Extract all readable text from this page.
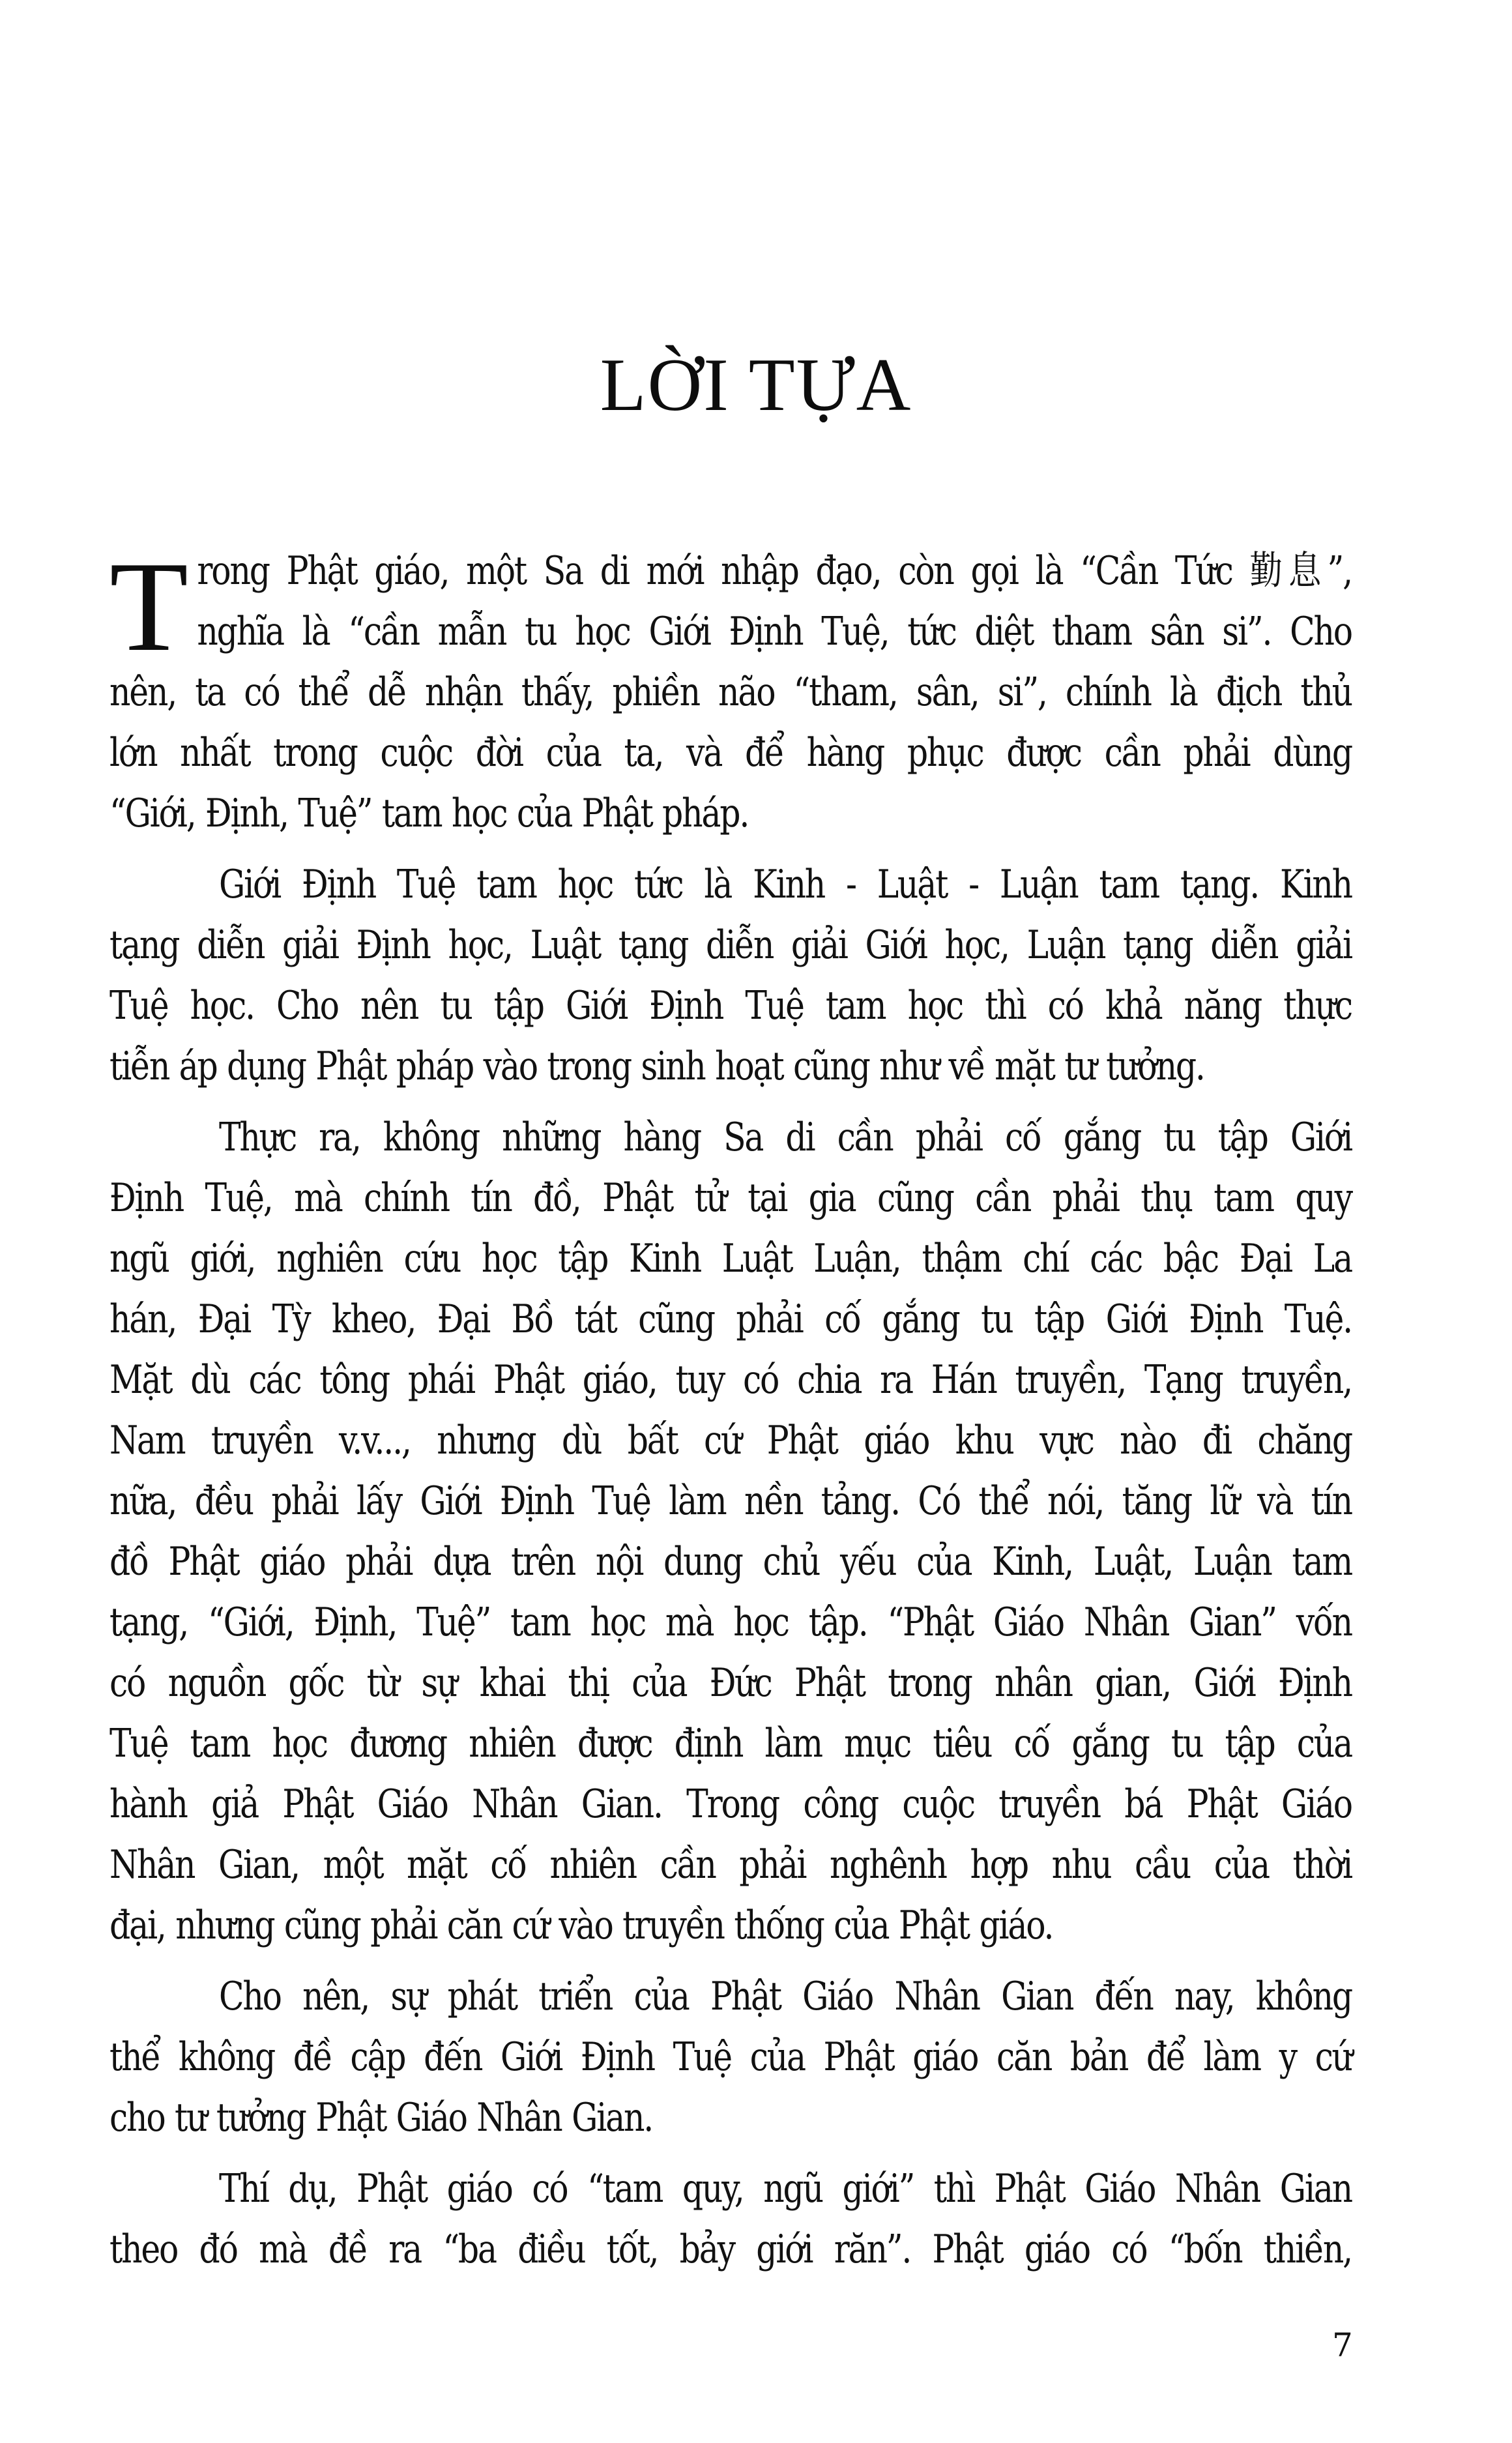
LỜI TỰA
T rong Phật giáo, một Sa di mới nhập đạo, còn gọi là “Cần Tức 勤息”,
nghĩa là “cần mẫn tu học Giới Định Tuệ, tức diệt tham sân si”. Cho
nên, ta có thể dễ nhận thấy, phiền não “tham, sân, si”, chính là địch thủ
lớn nhất trong cuộc đời của ta, và để hàng phục được cần phải dùng
“Giới, Định, Tuệ” tam học của Phật pháp.
Giới Định Tuệ tam học tức là Kinh - Luật - Luận tam tạng. Kinh
tạng diễn giải Định học, Luật tạng diễn giải Giới học, Luận tạng diễn giải
Tuệ học. Cho nên tu tập Giới Định Tuệ tam học thì có khả năng thực
tiễn áp dụng Phật pháp vào trong sinh hoạt cũng như về mặt tư tưởng.
Thực ra, không những hàng Sa di cần phải cố gắng tu tập Giới
Định Tuệ, mà chính tín đồ, Phật tử tại gia cũng cần phải thụ tam quy
ngũ giới, nghiên cứu học tập Kinh Luật Luận, thậm chí các bậc Đại La
hán, Đại Tỳ kheo, Đại Bồ tát cũng phải cố gắng tu tập Giới Định Tuệ.
Mặt dù các tông phái Phật giáo, tuy có chia ra Hán truyền, Tạng truyền,
Nam truyền v.v..., nhưng dù bất cứ Phật giáo khu vực nào đi chăng
nữa, đều phải lấy Giới Định Tuệ làm nền tảng. Có thể nói, tăng lữ và tín
đồ Phật giáo phải dựa trên nội dung chủ yếu của Kinh, Luật, Luận tam
tạng, “Giới, Định, Tuệ” tam học mà học tập. “Phật Giáo Nhân Gian” vốn
có nguồn gốc từ sự khai thị của Đức Phật trong nhân gian, Giới Định
Tuệ tam học đương nhiên được định làm mục tiêu cố gắng tu tập của
hành giả Phật Giáo Nhân Gian. Trong công cuộc truyền bá Phật Giáo
Nhân Gian, một mặt cố nhiên cần phải nghênh hợp nhu cầu của thời
đại, nhưng cũng phải căn cứ vào truyền thống của Phật giáo.
Cho nên, sự phát triển của Phật Giáo Nhân Gian đến nay, không
thể không đề cập đến Giới Định Tuệ của Phật giáo căn bản để làm y cứ
cho tư tưởng Phật Giáo Nhân Gian.
Thí dụ, Phật giáo có “tam quy, ngũ giới” thì Phật Giáo Nhân Gian
theo đó mà đề ra “ba điều tốt, bảy giới răn”. Phật giáo có “bốn thiền,
7
